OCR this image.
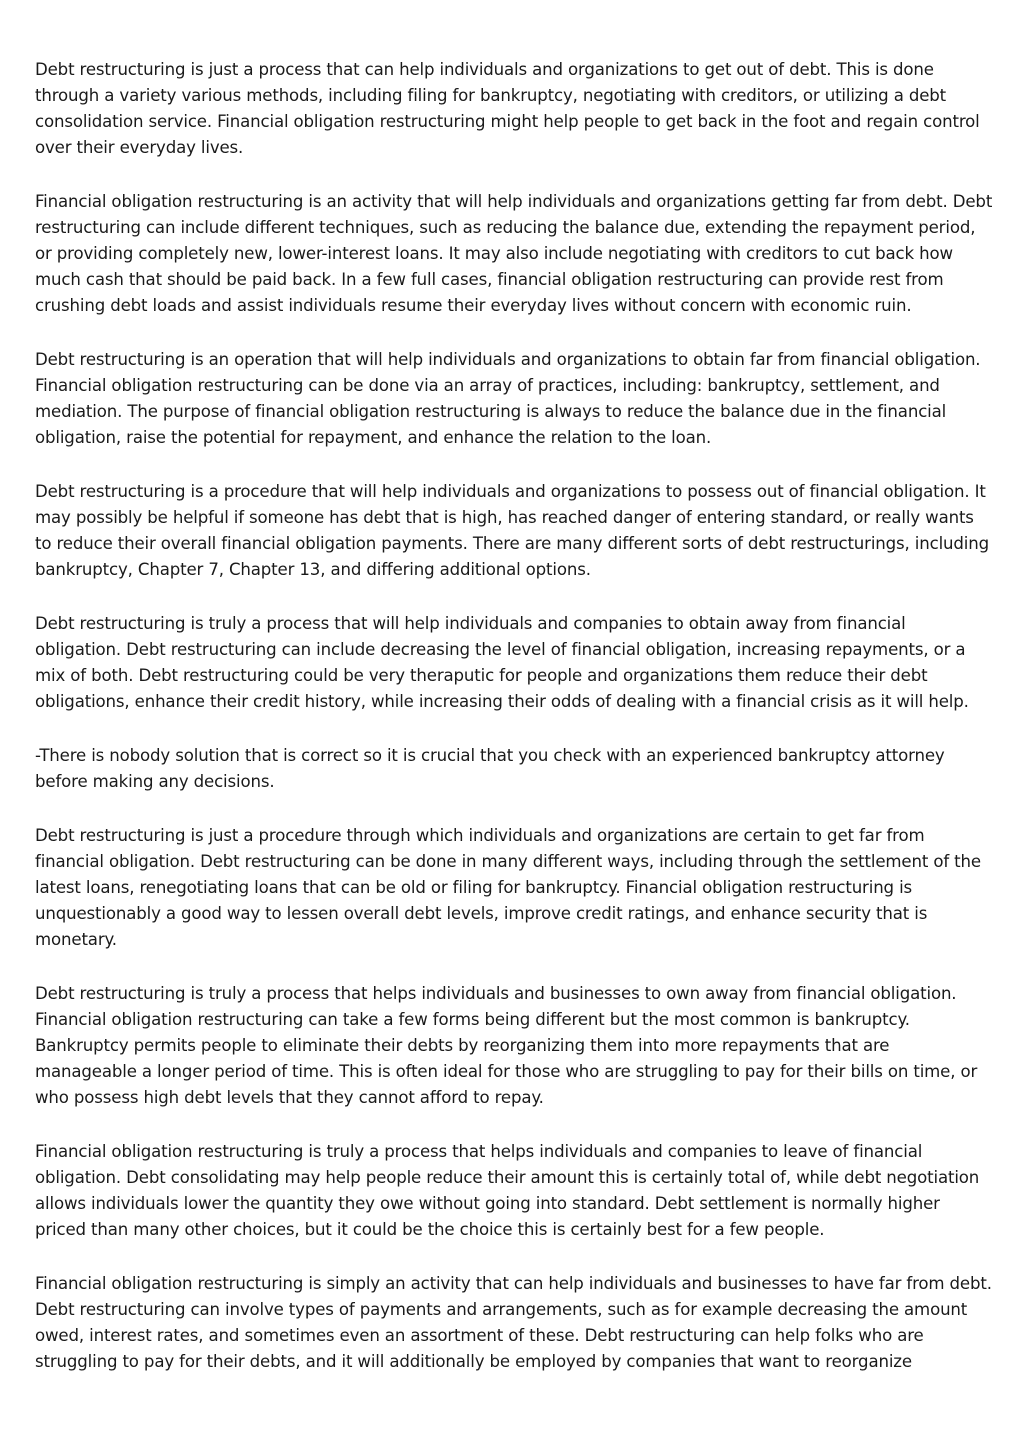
Debt restructuring is just a process that can help individuals and organizations to get out of debt. This is done through a variety various methods, including filing for bankruptcy, negotiating with creditors, or utilizing a debt consolidation service. Financial obligation restructuring might help people to get back in the foot and regain control over their everyday lives.

Financial obligation restructuring is an activity that will help individuals and organizations getting far from debt. Debt restructuring can include different techniques, such as reducing the balance due, extending the repayment period, or providing completely new, lower-interest loans. It may also include negotiating with creditors to cut back how much cash that should be paid back. In a few full cases, financial obligation restructuring can provide rest from crushing debt loads and assist individuals resume their everyday lives without concern with economic ruin.

Debt restructuring is an operation that will help individuals and organizations to obtain far from financial obligation. Financial obligation restructuring can be done via an array of practices, including: bankruptcy, settlement, and mediation. The purpose of financial obligation restructuring is always to reduce the balance due in the financial obligation, raise the potential for repayment, and enhance the relation to the loan.

Debt restructuring is a procedure that will help individuals and organizations to possess out of financial obligation. It may possibly be helpful if someone has debt that is high, has reached danger of entering standard, or really wants to reduce their overall financial obligation payments. There are many different sorts of debt restructurings, including bankruptcy, Chapter 7, Chapter 13, and differing additional options.

Debt restructuring is truly a process that will help individuals and companies to obtain away from financial obligation. Debt restructuring can include decreasing the level of financial obligation, increasing repayments, or a mix of both. Debt restructuring could be very theraputic for people and organizations them reduce their debt obligations, enhance their credit history, while increasing their odds of dealing with a financial crisis as it will help.

-There is nobody solution that is correct so it is crucial that you check with an experienced bankruptcy attorney before making any decisions.

Debt restructuring is just a procedure through which individuals and organizations are certain to get far from financial obligation. Debt restructuring can be done in many different ways, including through the settlement of the latest loans, renegotiating loans that can be old or filing for bankruptcy. Financial obligation restructuring is unquestionably a good way to lessen overall debt levels, improve credit ratings, and enhance security that is monetary.

Debt restructuring is truly a process that helps individuals and businesses to own away from financial obligation. Financial obligation restructuring can take a few forms being different but the most common is bankruptcy. Bankruptcy permits people to eliminate their debts by reorganizing them into more repayments that are manageable a longer period of time. This is often ideal for those who are struggling to pay for their bills on time, or who possess high debt levels that they cannot afford to repay.

Financial obligation restructuring is truly a process that helps individuals and companies to leave of financial obligation. Debt consolidating may help people reduce their amount this is certainly total of, while debt negotiation allows individuals lower the quantity they owe without going into standard. Debt settlement is normally higher priced than many other choices, but it could be the choice this is certainly best for a few people.

Financial obligation restructuring is simply an activity that can help individuals and businesses to have far from debt. Debt restructuring can involve types of payments and arrangements, such as for example decreasing the amount owed, interest rates, and sometimes even an assortment of these. Debt restructuring can help folks who are struggling to pay for their debts, and it will additionally be employed by companies that want to reorganize
